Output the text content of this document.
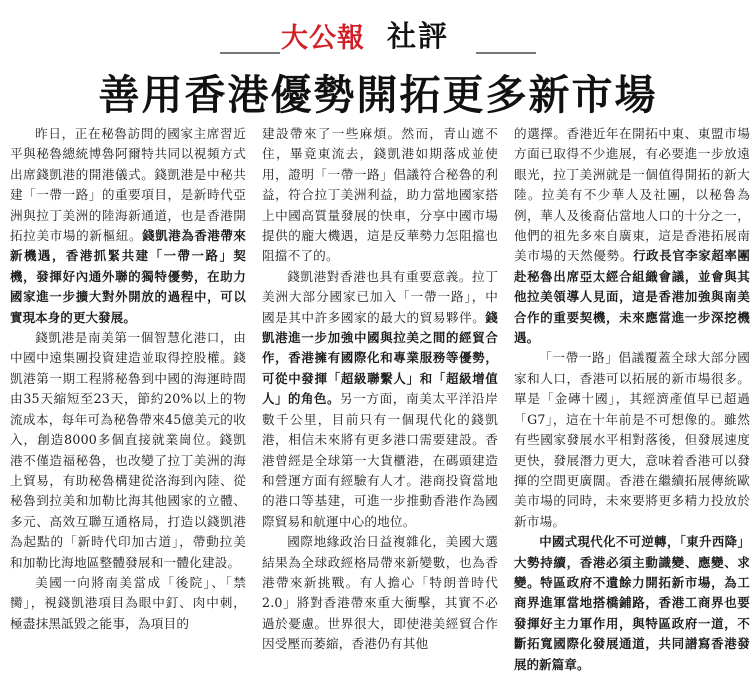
大公報 社評
善用香港優勢開拓更多新市場

昨日，正在秘魯訪問的國家主席習近平與秘魯總統博魯阿爾特共同以視頻方式出席錢凱港的開港儀式。錢凱港是中秘共建「一帶一路」的重要項目，是新時代亞洲與拉丁美洲的陸海新通道，也是香港開拓拉美市場的新樞紐。錢凱港為香港帶來新機遇，香港抓緊共建「一帶一路」契機，發揮好內通外聯的獨特優勢，在助力國家進一步擴大對外開放的過程中，可以實現本身的更大發展。

錢凱港是南美第一個智慧化港口，由中國中遠集團投資建造並取得控股權。錢凱港第一期工程將秘魯到中國的海運時間由35天縮短至23天，節約20%以上的物流成本，每年可為秘魯帶來45億美元的收入，創造8000多個直接就業崗位。錢凱港不僅造福秘魯，也改變了拉丁美洲的海上貿易，有助秘魯構建從洛海到內陸、從秘魯到拉美和加勒比海其他國家的立體、多元、高效互聯互通格局，打造以錢凱港為起點的「新時代印加古道」，帶動拉美和加勒比海地區整體發展和一體化建設。

美國一向將南美當成「後院」、「禁臠」，視錢凱港項目為眼中釘、肉中刺，極盡抹黑詆毀之能事，為項目的

建設帶來了一些麻煩。然而，青山遮不住，畢竟東流去，錢凱港如期落成並使用，證明「一帶一路」倡議符合秘魯的利益，符合拉丁美洲利益，助力當地國家搭上中國高質量發展的快車，分享中國市場提供的龐大機遇，這是反華勢力怎阻擋也阻擋不了的。

錢凱港對香港也具有重要意義。拉丁美洲大部分國家已加入「一帶一路」，中國是其中許多國家的最大的貿易夥伴。錢凱港進一步加強中國與拉美之間的經貿合作，香港擁有國際化和專業服務等優勢，可從中發揮「超級聯繫人」和「超級增值人」的角色。另一方面，南美太平洋沿岸數千公里，目前只有一個現代化的錢凱港，相信未來將有更多港口需要建設。香港曾經是全球第一大貨櫃港，在碼頭建造和營運方面有經驗有人才。港商投資當地的港口等基建，可進一步推動香港作為國際貿易和航運中心的地位。

國際地緣政治日益複雜化，美國大選結果為全球政經格局帶來新變數，也為香港帶來新挑戰。有人擔心「特朗普時代2.0」將對香港帶來重大衝擊，其實不必過於憂慮。世界很大，即使港美經貿合作因受壓而萎縮，香港仍有其他

的選擇。香港近年在開拓中東、東盟市場方面已取得不少進展，有必要進一步放遠眼光，拉丁美洲就是一個值得開拓的新大陸。拉美有不少華人及社團，以秘魯為例，華人及後裔佔當地人口的十分之一，他們的祖先多來自廣東，這是香港拓展南美市場的天然優勢。行政長官李家超率團赴秘魯出席亞太經合組織會議，並會與其他拉美領導人見面，這是香港加強與南美合作的重要契機，未來應當進一步深挖機遇。

「一帶一路」倡議覆蓋全球大部分國家和人口，香港可以拓展的新市場很多。單是「金磚十國」，其經濟產值早已超過「G7」，這在十年前是不可想像的。雖然有些國家發展水平相對落後，但發展速度更快，發展潛力更大，意味着香港可以發揮的空間更廣闊。香港在繼續拓展傳統歐美市場的同時，未來要將更多精力投放於新市場。

中國式現代化不可逆轉，「東升西降」大勢持續，香港必須主動識變、應變、求變。特區政府不遺餘力開拓新市場，為工商界進軍當地搭橋鋪路，香港工商界也要發揮好主力軍作用，與特區政府一道，不斷拓寬國際化發展通道，共同譜寫香港發展的新篇章。
